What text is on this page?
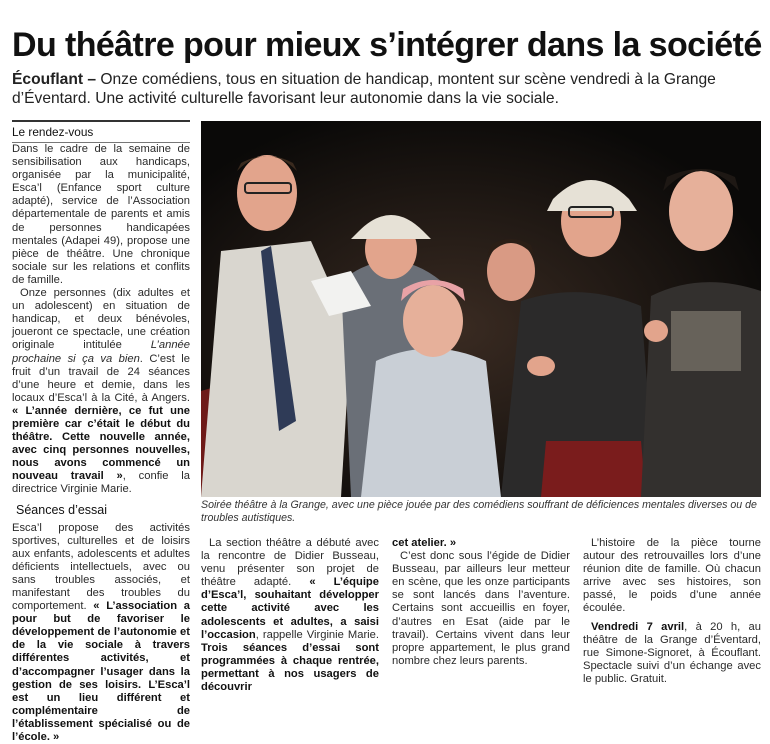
Du théâtre pour mieux s’intégrer dans la société
Écouflant – Onze comédiens, tous en situation de handicap, montent sur scène vendredi à la Grange d’Éventard. Une activité culturelle favorisant leur autonomie dans la vie sociale.
Le rendez-vous

Dans le cadre de la semaine de sensibilisation aux handicaps, organisée par la municipalité, Esca’l (Enfance sport culture adapté), service de l’Association départementale de parents et amis de personnes handicapées mentales (Adapei 49), propose une pièce de théâtre. Une chronique sociale sur les relations et conflits de famille.

Onze personnes (dix adultes et un adolescent) en situation de handicap, et deux bénévoles, joueront ce spectacle, une création originale intitulée L’année prochaine si ça va bien. C’est le fruit d’un travail de 24 séances d’une heure et demie, dans les locaux d’Esca’l à la Cité, à Angers. « L’année dernière, ce fut une première car c’était le début du théâtre. Cette nouvelle année, avec cinq personnes nouvelles, nous avons commencé un nouveau travail », confie la directrice Virginie Marie.

Séances d’essai

Esca’l propose des activités sportives, culturelles et de loisirs aux enfants, adolescents et adultes déficients intellectuels, avec ou sans troubles associés, et manifestant des troubles du comportement. « L’association a pour but de favoriser le développement de l’autonomie et de la vie sociale à travers différentes activités, et d’accompagner l’usager dans la gestion de ses loisirs. L’Esca’l est un lieu différent et complémentaire de l’établissement spécialisé ou de l’école. »

Soirée théâtre à la Grange, avec une pièce jouée par des comédiens souffrant de déficiences mentales diverses ou de troubles autistiques.

La section théâtre a débuté avec la rencontre de Didier Busseau, venu présenter son projet de théâtre adapté. « L’équipe d’Esca’l, souhaitant développer cette activité avec les adolescents et adultes, a saisi l’occasion, rappelle Virginie Marie. Trois séances d’essai sont programmées à chaque rentrée, permettant à nos usagers de découvrir

cet atelier. »

C’est donc sous l’égide de Didier Busseau, par ailleurs leur metteur en scène, que les onze participants se sont lancés dans l’aventure. Certains sont accueillis en foyer, d’autres en Esat (aide par le travail). Certains vivent dans leur propre appartement, le plus grand nombre chez leurs parents.

L’histoire de la pièce tourne autour des retrouvailles lors d’une réunion dite de famille. Où chacun arrive avec ses histoires, son passé, le poids d’une année écoulée.

Vendredi 7 avril, à 20 h, au théâtre de la Grange d’Éventard, rue Simone-Signoret, à Écouflant. Spectacle suivi d’un échange avec le public. Gratuit.
